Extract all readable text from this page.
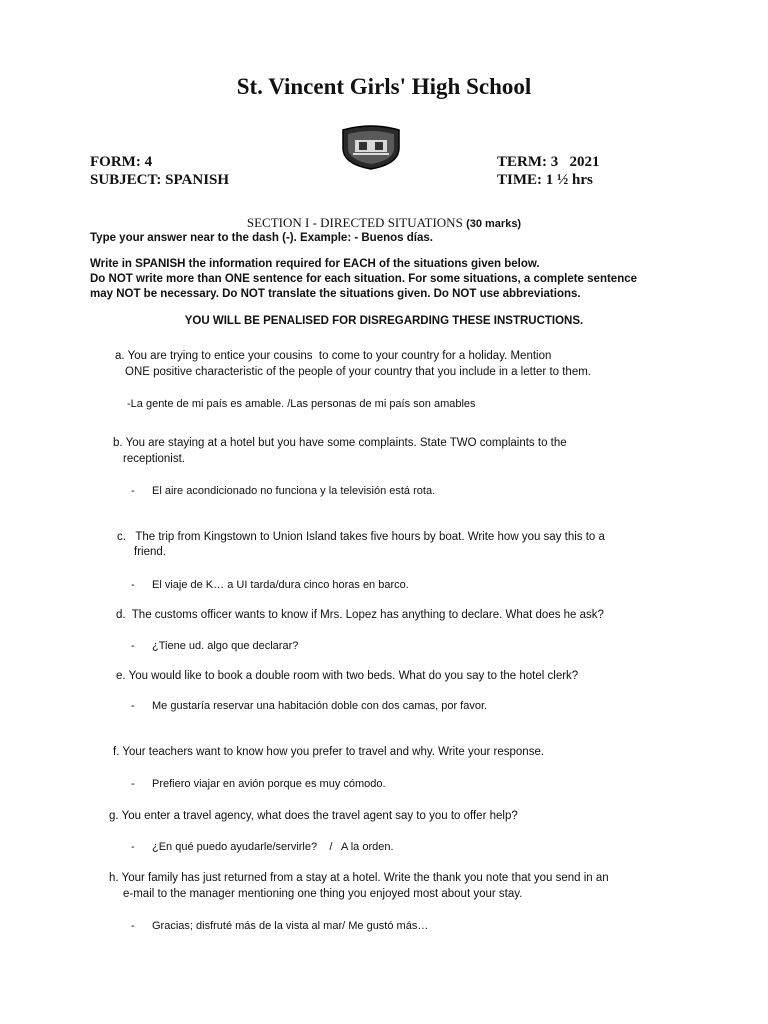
St. Vincent Girls' High School
FORM: 4
SUBJECT: SPANISH
TERM: 3   2021
TIME: 1 ½ hrs
SECTION I - DIRECTED SITUATIONS (30 marks)
Type your answer near to the dash (-). Example: - Buenos días.
Write in SPANISH the information required for EACH of the situations given below.
Do NOT write more than ONE sentence for each situation. For some situations, a complete sentence
may NOT be necessary. Do NOT translate the situations given. Do NOT use abbreviations.
YOU WILL BE PENALISED FOR DISREGARDING THESE INSTRUCTIONS.
a. You are trying to entice your cousins  to come to your country for a holiday. Mention
ONE positive characteristic of the people of your country that you include in a letter to them.
-La gente de mi país es amable. /Las personas de mi país son amables
b. You are staying at a hotel but you have some complaints. State TWO complaints to the
receptionist.
- El aire acondicionado no funciona y la televisión está rota.
c.   The trip from Kingstown to Union Island takes five hours by boat. Write how you say this to a
friend.
- El viaje de K… a UI tarda/dura cinco horas en barco.
d.  The customs officer wants to know if Mrs. Lopez has anything to declare. What does he ask?
- ¿Tiene ud. algo que declarar?
e. You would like to book a double room with two beds. What do you say to the hotel clerk?
- Me gustaría reservar una habitación doble con dos camas, por favor.
f. Your teachers want to know how you prefer to travel and why. Write your response.
- Prefiero viajar en avión porque es muy cómodo.
g. You enter a travel agency, what does the travel agent say to you to offer help?
- ¿En qué puedo ayudarle/servirle?    /   A la orden.
h. Your family has just returned from a stay at a hotel. Write the thank you note that you send in an
e-mail to the manager mentioning one thing you enjoyed most about your stay.
- Gracias; disfruté más de la vista al mar/ Me gustó más…
